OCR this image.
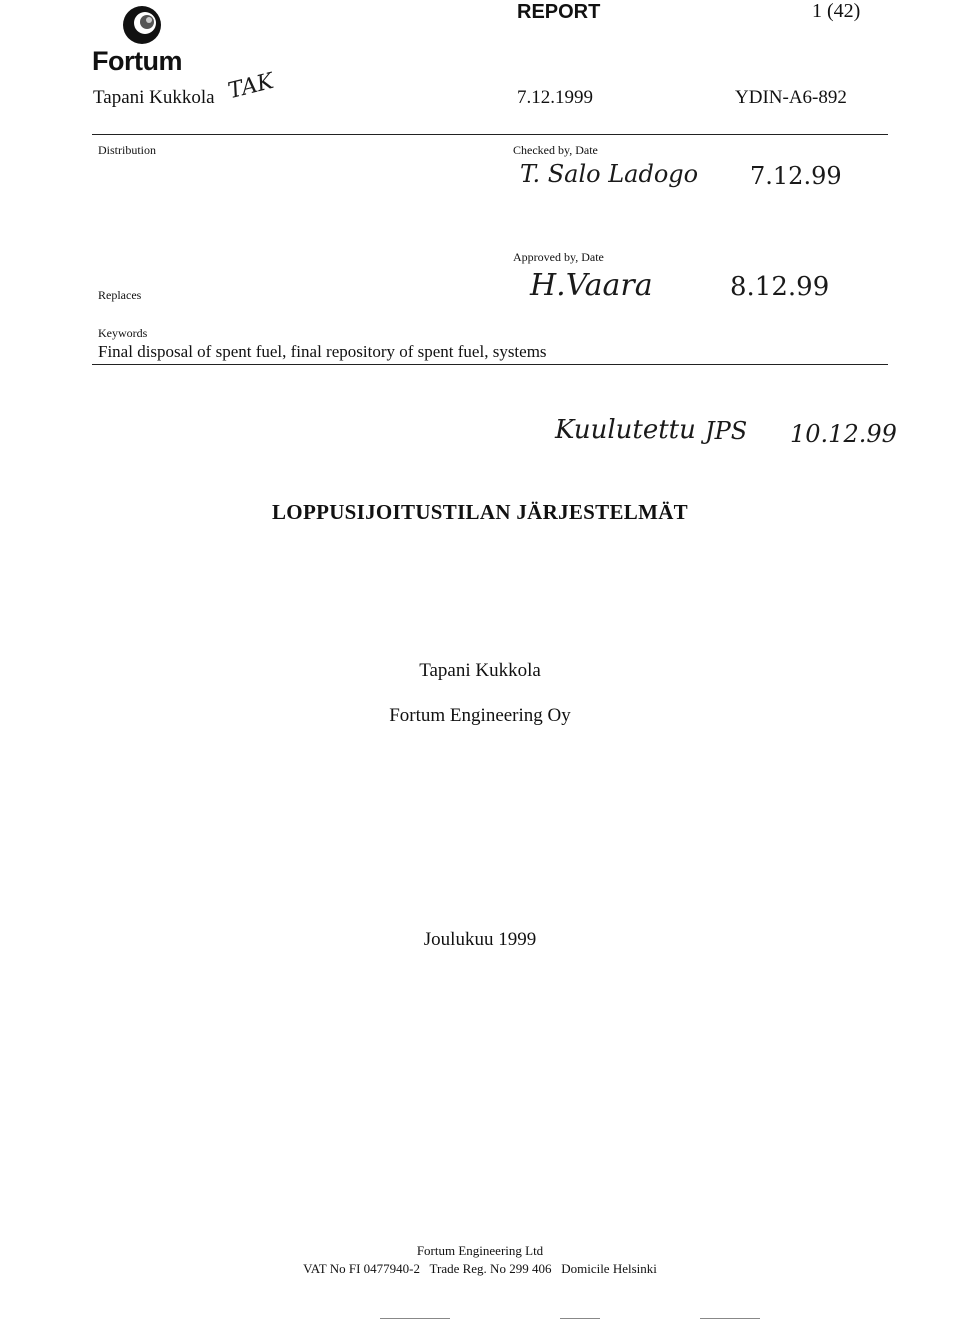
Fortum
REPORT	1 (42)
Tapani Kukkola TAK	7.12.1999	YDIN-A6-892
Distribution	Checked by, Date
T. Salo Ladogo 7.12.99
Approved by, Date
H.Vaara	8.12.99
Replaces
Keywords
Final disposal of spent fuel, final repository of spent fuel, systems
Kuulutettu JPS 10.12.99
LOPPUSIJOITUSTILAN JÄRJESTELMÄT
Tapani Kukkola
Fortum Engineering Oy
Joulukuu 1999
Fortum Engineering Ltd
VAT No FI 0477940-2 Trade Reg. No 299 406 Domicile Helsinki
